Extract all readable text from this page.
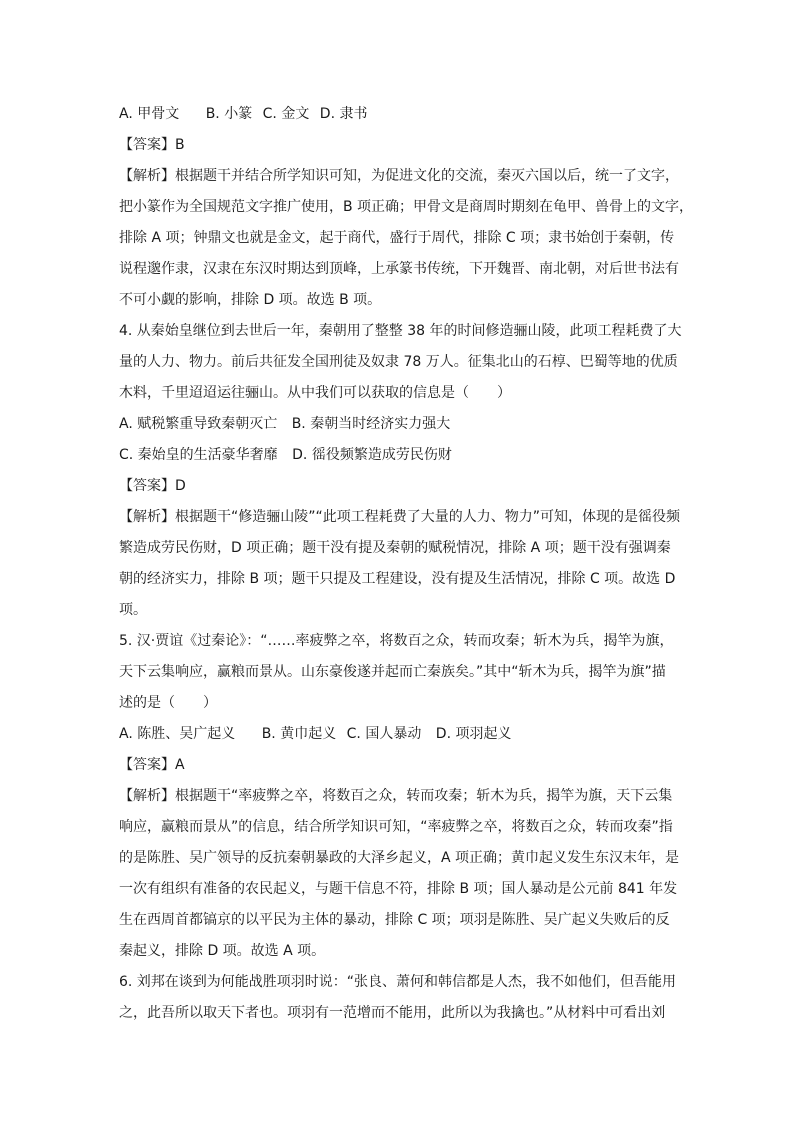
A. 甲骨文 B. 小篆 C. 金文 D. 隶书
【答案】B
【解析】根据题干并结合所学知识可知，为促进文化的交流，秦灭六国以后，统一了文字，
把小篆作为全国规范文字推广使用，B 项正确；甲骨文是商周时期刻在龟甲、兽骨上的文字，
排除 A 项；钟鼎文也就是金文，起于商代，盛行于周代，排除 C 项；隶书始创于秦朝，传
说程邈作隶，汉隶在东汉时期达到顶峰，上承篆书传统，下开魏晋、南北朝，对后世书法有
不可小觑的影响，排除 D 项。故选 B 项。
4. 从秦始皇继位到去世后一年，秦朝用了整整 38 年的时间修造骊山陵，此项工程耗费了大
量的人力、物力。前后共征发全国刑徒及奴隶 78 万人。征集北山的石椁、巴蜀等地的优质
木料，千里迢迢运往骊山。从中我们可以获取的信息是（　　）
A. 赋税繁重导致秦朝灭亡 B. 秦朝当时经济实力强大
C. 秦始皇的生活豪华奢靡 D. 徭役频繁造成劳民伤财
【答案】D
【解析】根据题干“修造骊山陵”“此项工程耗费了大量的人力、物力”可知，体现的是徭役频
繁造成劳民伤财，D 项正确；题干没有提及秦朝的赋税情况，排除 A 项；题干没有强调秦
朝的经济实力，排除 B 项；题干只提及工程建设，没有提及生活情况，排除 C 项。故选 D
项。
5. 汉·贾谊《过秦论》：“……率疲弊之卒，将数百之众，转而攻秦；斩木为兵，揭竿为旗，
天下云集响应，赢粮而景从。山东豪俊遂并起而亡秦族矣。”其中“斩木为兵，揭竿为旗”描
述的是（　　）
A. 陈胜、吴广起义 B. 黄巾起义 C. 国人暴动 D. 项羽起义
【答案】A
【解析】根据题干“率疲弊之卒，将数百之众，转而攻秦；斩木为兵，揭竿为旗，天下云集
响应，赢粮而景从”的信息，结合所学知识可知，“率疲弊之卒，将数百之众，转而攻秦”指
的是陈胜、吴广领导的反抗秦朝暴政的大泽乡起义，A 项正确；黄巾起义发生东汉末年，是
一次有组织有准备的农民起义，与题干信息不符，排除 B 项；国人暴动是公元前 841 年发
生在西周首都镐京的以平民为主体的暴动，排除 C 项；项羽是陈胜、吴广起义失败后的反
秦起义，排除 D 项。故选 A 项。
6. 刘邦在谈到为何能战胜项羽时说：“张良、萧何和韩信都是人杰，我不如他们，但吾能用
之，此吾所以取天下者也。项羽有一范增而不能用，此所以为我擒也。”从材料中可看出刘
